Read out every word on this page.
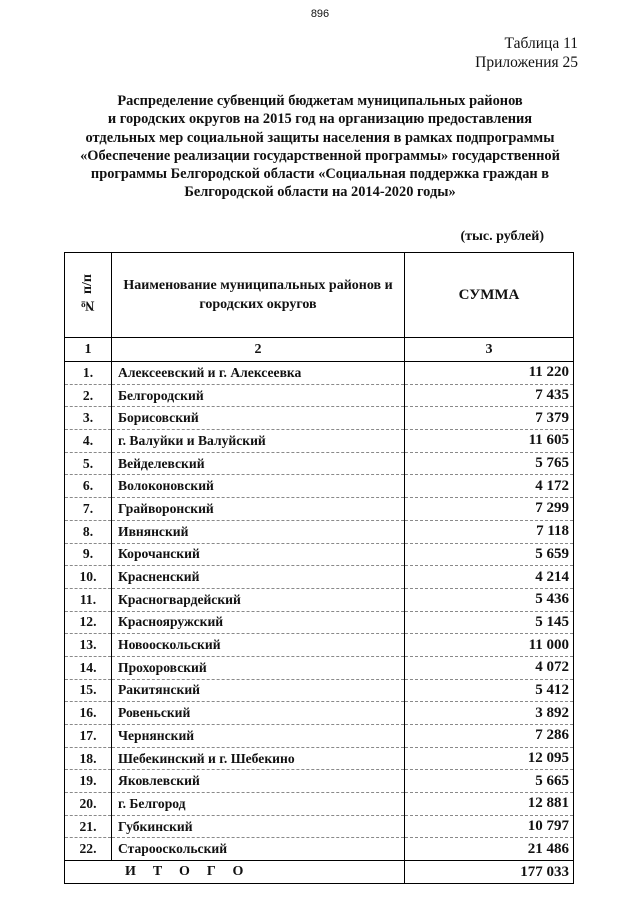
896
Таблица 11
Приложения 25
Распределение субвенций бюджетам муниципальных районов
и городских округов на 2015 год на организацию предоставления
отдельных мер социальной защиты населения в рамках подпрограммы
«Обеспечение реализации государственной программы» государственной
программы Белгородской области «Социальная поддержка граждан в
Белгородской области на 2014-2020 годы»
(тыс. рублей)
№ п/п	Наименование муниципальных районов и городских округов	СУММА
1	2	3
1.	Алексеевский и г. Алексеевка	11 220
2.	Белгородский	7 435
3.	Борисовский	7 379
4.	г. Валуйки и Валуйский	11 605
5.	Вейделевский	5 765
6.	Волоконовский	4 172
7.	Грайворонский	7 299
8.	Ивнянский	7 118
9.	Корочанский	5 659
10.	Красненский	4 214
11.	Красногвардейский	5 436
12.	Краснояружский	5 145
13.	Новооскольский	11 000
14.	Прохоровский	4 072
15.	Ракитянский	5 412
16.	Ровеньский	3 892
17.	Чернянский	7 286
18.	Шебекинский и г. Шебекино	12 095
19.	Яковлевский	5 665
20.	г. Белгород	12 881
21.	Губкинский	10 797
22.	Старооскольский	21 486
ИТОГО		177 033
